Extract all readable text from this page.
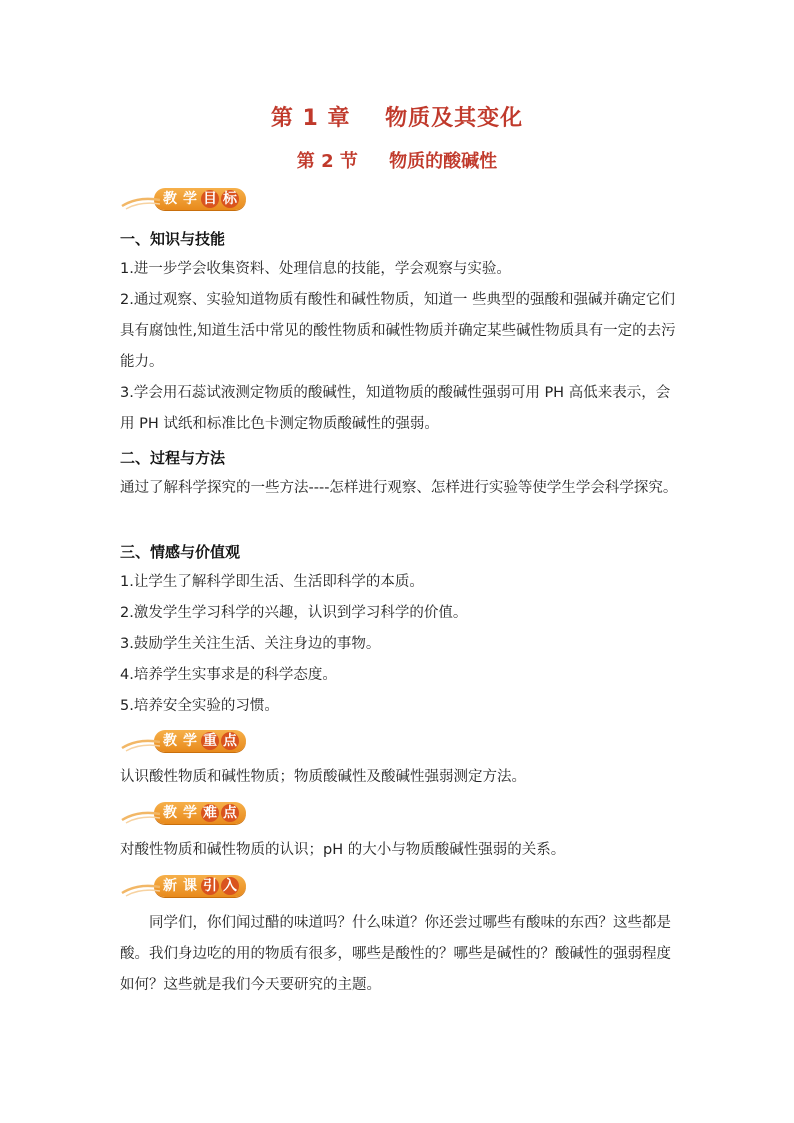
第 1 章    物质及其变化
第 2 节     物质的酸碱性
教 学 目 标
一、知识与技能
1.进一步学会收集资料、处理信息的技能，学会观察与实验。
2.通过观察、实验知道物质有酸性和碱性物质，知道一 些典型的强酸和强碱并确定它们具有腐蚀性,知道生活中常见的酸性物质和碱性物质并确定某些碱性物质具有一定的去污能力。
3.学会用石蕊试液测定物质的酸碱性，知道物质的酸碱性强弱可用 PH 高低来表示，会用 PH 试纸和标准比色卡测定物质酸碱性的强弱。
二、过程与方法
通过了解科学探究的一些方法----怎样进行观察、怎样进行实验等使学生学会科学探究。
三、情感与价值观
1.让学生了解科学即生活、生活即科学的本质。
2.激发学生学习科学的兴趣，认识到学习科学的价值。
3.鼓励学生关注生活、关注身边的事物。
4.培养学生实事求是的科学态度。
5.培养安全实验的习惯。
教 学 重 点
认识酸性物质和碱性物质；物质酸碱性及酸碱性强弱测定方法。
教 学 难 点
对酸性物质和碱性物质的认识；pH 的大小与物质酸碱性强弱的关系。
新 课 引 入
同学们，你们闻过醋的味道吗？什么味道？你还尝过哪些有酸味的东西？这些都是酸。我们身边吃的用的物质有很多，哪些是酸性的？哪些是碱性的？酸碱性的强弱程度如何？这些就是我们今天要研究的主题。
